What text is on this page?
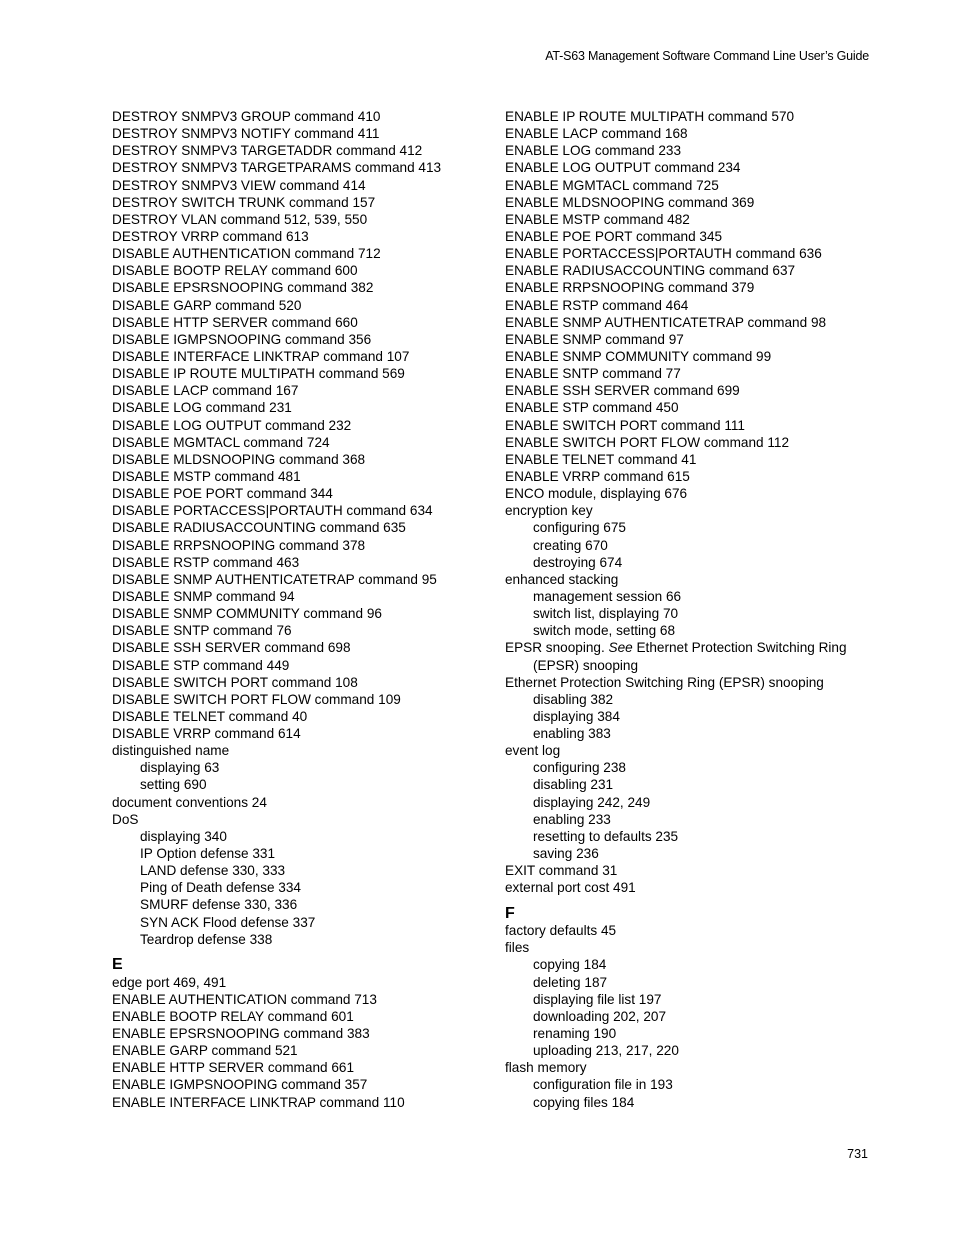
AT-S63 Management Software Command Line User’s Guide
DESTROY SNMPV3 GROUP command 410
DESTROY SNMPV3 NOTIFY command 411
DESTROY SNMPV3 TARGETADDR command 412
DESTROY SNMPV3 TARGETPARAMS command 413
DESTROY SNMPV3 VIEW command 414
DESTROY SWITCH TRUNK command 157
DESTROY VLAN command 512, 539, 550
DESTROY VRRP command 613
DISABLE AUTHENTICATION command 712
DISABLE BOOTP RELAY command 600
DISABLE EPSRSNOOPING command 382
DISABLE GARP command 520
DISABLE HTTP SERVER command 660
DISABLE IGMPSNOOPING command 356
DISABLE INTERFACE LINKTRAP command 107
DISABLE IP ROUTE MULTIPATH command 569
DISABLE LACP command 167
DISABLE LOG command 231
DISABLE LOG OUTPUT command 232
DISABLE MGMTACL command 724
DISABLE MLDSNOOPING command 368
DISABLE MSTP command 481
DISABLE POE PORT command 344
DISABLE PORTACCESS|PORTAUTH command 634
DISABLE RADIUSACCOUNTING command 635
DISABLE RRPSNOOPING command 378
DISABLE RSTP command 463
DISABLE SNMP AUTHENTICATETRAP command 95
DISABLE SNMP command 94
DISABLE SNMP COMMUNITY command 96
DISABLE SNTP command 76
DISABLE SSH SERVER command 698
DISABLE STP command 449
DISABLE SWITCH PORT command 108
DISABLE SWITCH PORT FLOW command 109
DISABLE TELNET command 40
DISABLE VRRP command 614
distinguished name
displaying 63
setting 690
document conventions 24
DoS
displaying 340
IP Option defense 331
LAND defense 330, 333
Ping of Death defense 334
SMURF defense 330, 336
SYN ACK Flood defense 337
Teardrop defense 338
E
edge port 469, 491
ENABLE AUTHENTICATION command 713
ENABLE BOOTP RELAY command 601
ENABLE EPSRSNOOPING command 383
ENABLE GARP command 521
ENABLE HTTP SERVER command 661
ENABLE IGMPSNOOPING command 357
ENABLE INTERFACE LINKTRAP command 110
ENABLE IP ROUTE MULTIPATH command 570
ENABLE LACP command 168
ENABLE LOG command 233
ENABLE LOG OUTPUT command 234
ENABLE MGMTACL command 725
ENABLE MLDSNOOPING command 369
ENABLE MSTP command 482
ENABLE POE PORT command 345
ENABLE PORTACCESS|PORTAUTH command 636
ENABLE RADIUSACCOUNTING command 637
ENABLE RRPSNOOPING command 379
ENABLE RSTP command 464
ENABLE SNMP AUTHENTICATETRAP command 98
ENABLE SNMP command 97
ENABLE SNMP COMMUNITY command 99
ENABLE SNTP command 77
ENABLE SSH SERVER command 699
ENABLE STP command 450
ENABLE SWITCH PORT command 111
ENABLE SWITCH PORT FLOW command 112
ENABLE TELNET command 41
ENABLE VRRP command 615
ENCO module, displaying 676
encryption key
configuring 675
creating 670
destroying 674
enhanced stacking
management session 66
switch list, displaying 70
switch mode, setting 68
EPSR snooping. See Ethernet Protection Switching Ring
(EPSR) snooping
Ethernet Protection Switching Ring (EPSR) snooping
disabling 382
displaying 384
enabling 383
event log
configuring 238
disabling 231
displaying 242, 249
enabling 233
resetting to defaults 235
saving 236
EXIT command 31
external port cost 491
F
factory defaults 45
files
copying 184
deleting 187
displaying file list 197
downloading 202, 207
renaming 190
uploading 213, 217, 220
flash memory
configuration file in 193
copying files 184
731
